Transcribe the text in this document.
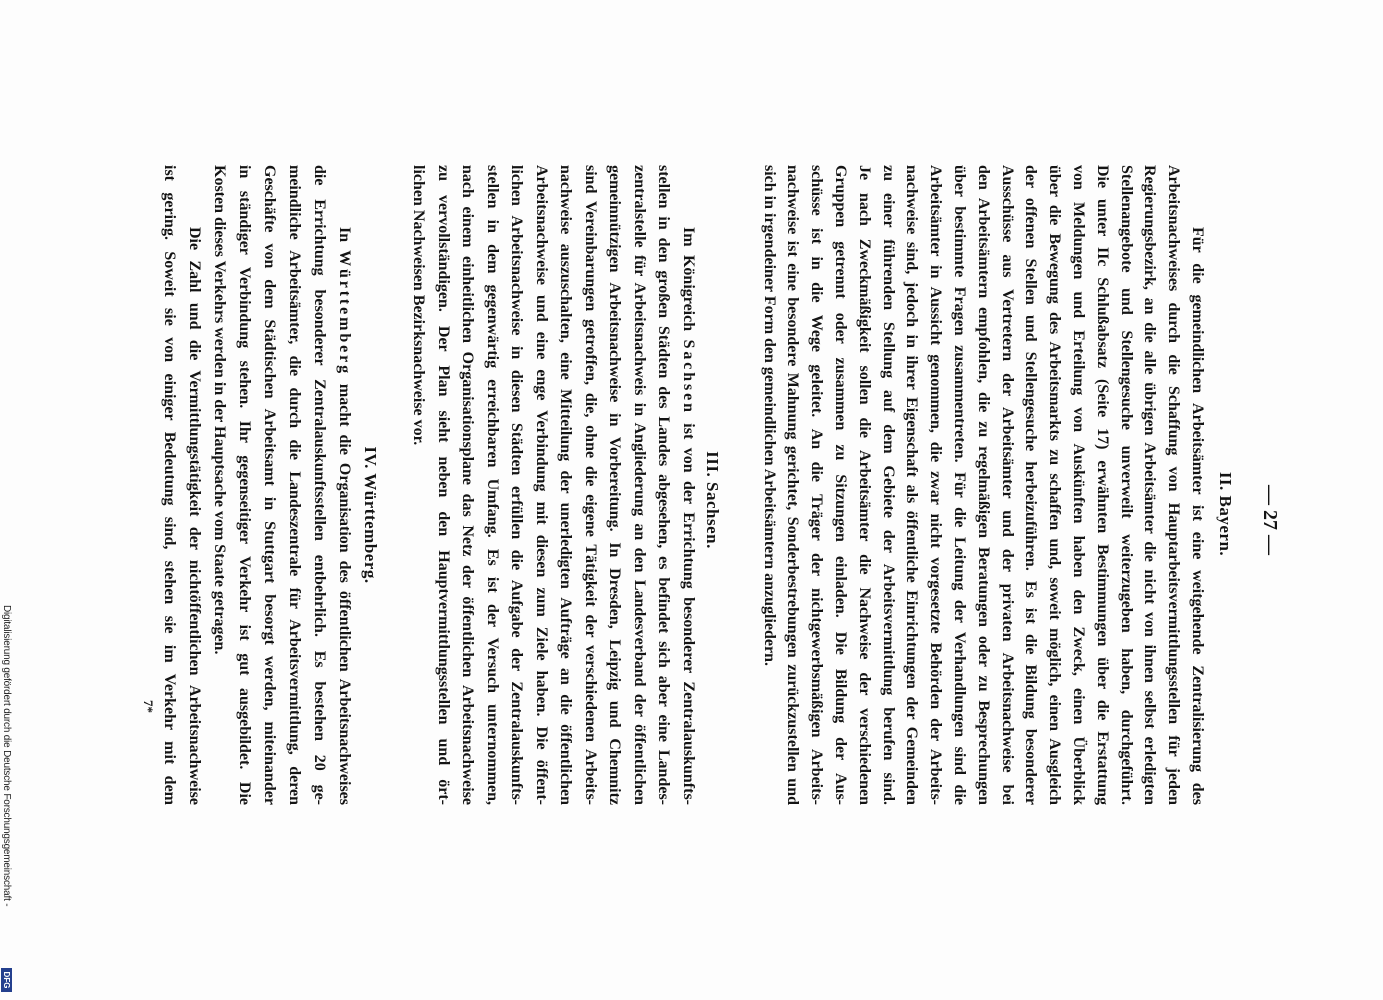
— 27 —
II. Bayern.
Für die gemeindlichen Arbeitsämter ist eine weitgehende Zentralisierung des
Arbeitsnachweises durch die Schaffung von Hauptarbeitsvermittlungsstellen für jeden
Regierungsbezirk, an die alle übrigen Arbeitsämter die nicht von ihnen selbst erledigten
Stellenangebote und Stellengesuche unverweilt weiterzugeben haben, durchgeführt.
Die unter IIc Schlußabsatz (Seite 17) erwähnten Bestimmungen über die Erstattung
von Meldungen und Erteilung von Auskünften haben den Zweck, einen Überblick
über die Bewegung des Arbeitsmarkts zu schaffen und, soweit möglich, einen Ausgleich
der offenen Stellen und Stellengesuche herbeizuführen. Es ist die Bildung besonderer
Ausschüsse aus Vertretern der Arbeitsämter und der privaten Arbeitsnachweise bei
den Arbeitsämtern empfohlen, die zu regelmäßigen Beratungen oder zu Besprechungen
über bestimmte Fragen zusammentreten. Für die Leitung der Verhandlungen sind die
Arbeitsämter in Aussicht genommen, die zwar nicht vorgesetzte Behörden der Arbeits-
nachweise sind, jedoch in ihrer Eigenschaft als öffentliche Einrichtungen der Gemeinden
zu einer führenden Stellung auf dem Gebiete der Arbeitsvermittlung berufen sind.
Je nach Zweckmäßigkeit sollen die Arbeitsämter die Nachweise der verschiedenen
Gruppen getrennt oder zusammen zu Sitzungen einladen. Die Bildung der Aus-
schüsse ist in die Wege geleitet. An die Träger der nichtgewerbsmäßigen Arbeits-
nachweise ist eine besondere Mahnung gerichtet, Sonderbestrebungen zurückzustellen und
sich in irgendeiner Form den gemeindlichen Arbeitsämtern anzugliedern.
III. Sachsen.
Im Königreich Sachsen ist von der Errichtung besonderer Zentralauskunfts-
stellen in den großen Städten des Landes abgesehen, es befindet sich aber eine Landes-
zentralstelle für Arbeitsnachweis in Angliederung an den Landesverband der öffentlichen
gemeinnützigen Arbeitsnachweise in Vorbereitung. In Dresden, Leipzig und Chemnitz
sind Vereinbarungen getroffen, die, ohne die eigene Tätigkeit der verschiedenen Arbeits-
nachweise auszuschalten, eine Mitteilung der unerledigten Aufträge an die öffentlichen
Arbeitsnachweise und eine enge Verbindung mit diesen zum Ziele haben. Die öffent-
lichen Arbeitsnachweise in diesen Städten erfüllen die Aufgabe der Zentralauskunfts-
stellen in dem gegenwärtig erreichbaren Umfang. Es ist der Versuch unternommen,
nach einem einheitlichen Organisationsplane das Netz der öffentlichen Arbeitsnachweise
zu vervollständigen. Der Plan sieht neben den Hauptvermittlungsstellen und ört-
lichen Nachweisen Bezirksnachweise vor.
IV. Württemberg.
In Württemberg macht die Organisation des öffentlichen Arbeitsnachweises
die Errichtung besonderer Zentralauskunftsstellen entbehrlich. Es bestehen 20 ge-
meindliche Arbeitsämter, die durch die Landeszentrale für Arbeitsvermittlung, deren
Geschäfte von dem Städtischen Arbeitsamt in Stuttgart besorgt werden, miteinander
in ständiger Verbindung stehen. Ihr gegenseitiger Verkehr ist gut ausgebildet. Die
Kosten dieses Verkehrs werden in der Hauptsache vom Staate getragen.
Die Zahl und die Vermittlungstätigkeit der nichtöffentlichen Arbeitsnachweise
ist gering. Soweit sie von einiger Bedeutung sind, stehen sie im Verkehr mit dem
7*
Digitalisierung gefördert durch die Deutsche Forschungsgemeinschaft -
DFG
